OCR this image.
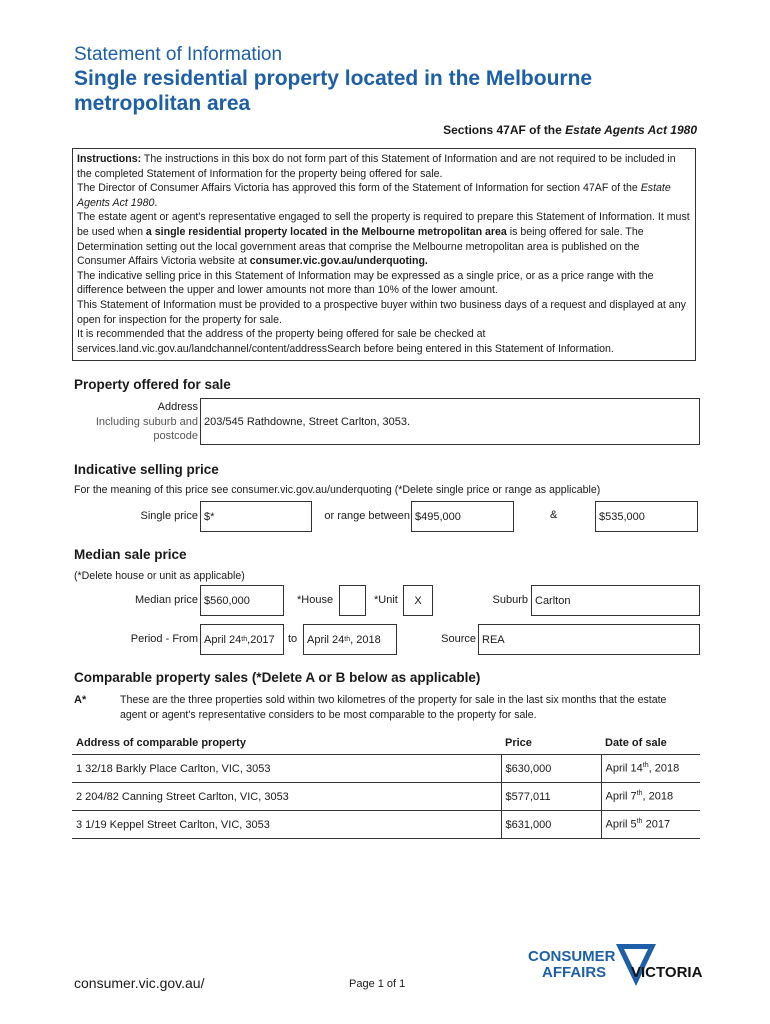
Statement of Information
Single residential property located in the Melbourne metropolitan area
Sections 47AF of the Estate Agents Act 1980

Instructions: The instructions in this box do not form part of this Statement of Information and are not required to be included in the completed Statement of Information for the property being offered for sale.

The Director of Consumer Affairs Victoria has approved this form of the Statement of Information for section 47AF of the Estate Agents Act 1980.

The estate agent or agent's representative engaged to sell the property is required to prepare this Statement of Information. It must be used when a single residential property located in the Melbourne metropolitan area is being offered for sale. The Determination setting out the local government areas that comprise the Melbourne metropolitan area is published on the Consumer Affairs Victoria website at consumer.vic.gov.au/underquoting.

The indicative selling price in this Statement of Information may be expressed as a single price, or as a price range with the difference between the upper and lower amounts not more than 10% of the lower amount.

This Statement of Information must be provided to a prospective buyer within two business days of a request and displayed at any open for inspection for the property for sale.

It is recommended that the address of the property being offered for sale be checked at services.land.vic.gov.au/landchannel/content/addressSearch before being entered in this Statement of Information.

Property offered for sale
Address
Including suburb and
postcode
203/545 Rathdowne, Street Carlton, 3053.
Indicative selling price
For the meaning of this price see consumer.vic.gov.au/underquoting (*Delete single price or range as applicable)
Single price $*	or range between $495,000	&	$535,000
Median sale price
(*Delete house or unit as applicable)
Median price $560,000	*House	*Unit	X	Suburb Carlton
Period - From April 24 th ,2017 to April 24 th , 2018	Source REA
Comparable property sales (*Delete A or B below as applicable)
A*	These are the three properties sold within two kilometres of the property for sale in the last six months that the estate agent or agent's representative considers to be most comparable to the property for sale.
Address of comparable property	Price	Date of sale
1 32/18 Barkly Place Carlton, VIC, 3053	$630,000	April 14th, 2018
2 204/82 Canning Street Carlton, VIC, 3053	$577,011	April 7th, 2018
3 1/19 Keppel Street Carlton, VIC, 3053	$631,000	April 5th 2017
consumer.vic.gov.au/	Page 1 of 1
CONSUMER
AFFAIRS VICTORIA
